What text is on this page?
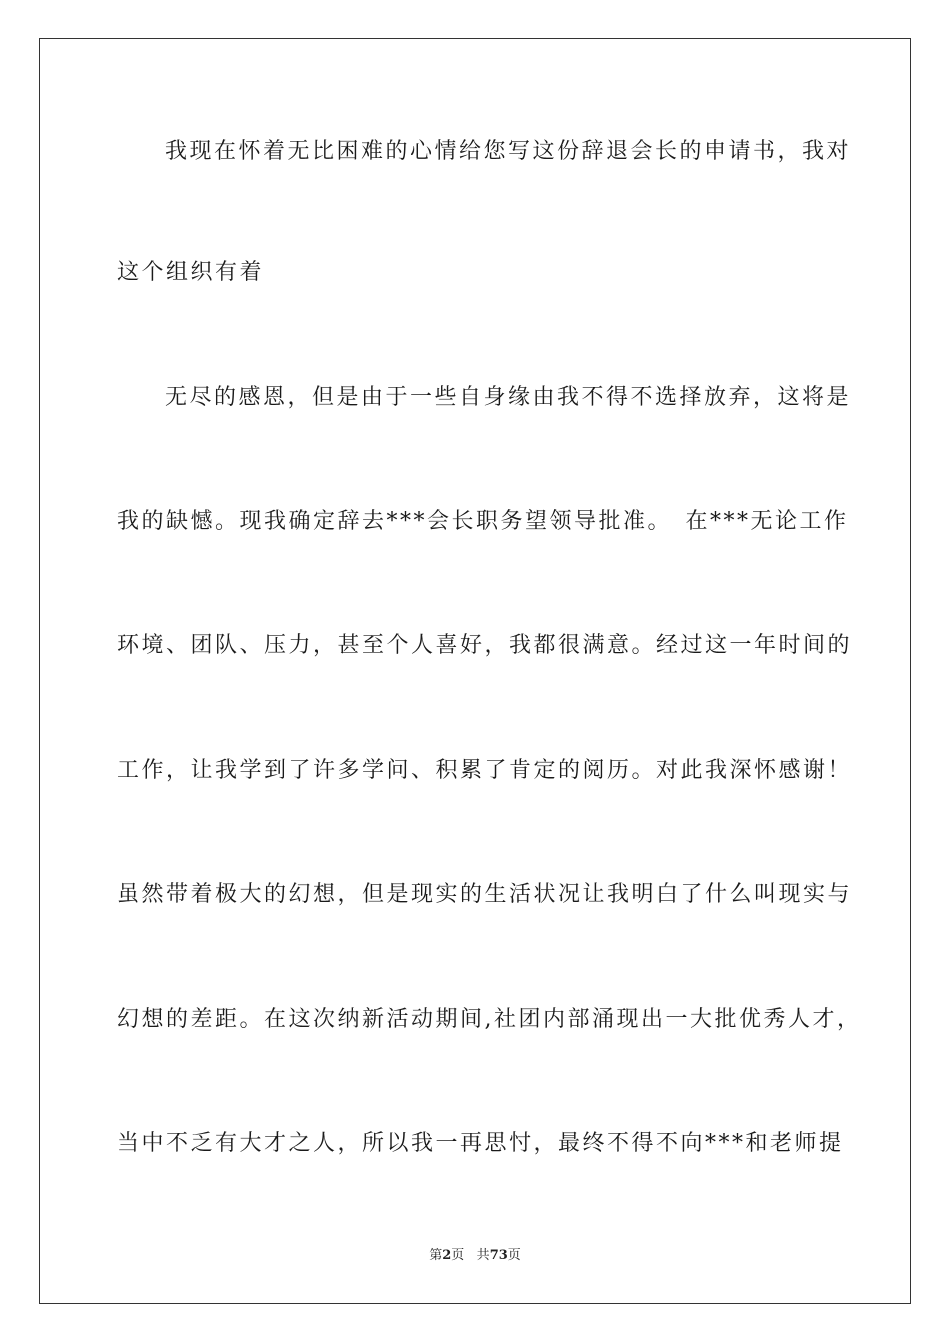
我现在怀着无比困难的心情给您写这份辞退会长的申请书，我对
这个组织有着
无尽的感恩，但是由于一些自身缘由我不得不选择放弃，这将是
我的缺憾。现我确定辞去***会长职务望领导批准。　在***无论工作
环境、团队、压力，甚至个人喜好，我都很满意。经过这一年时间的
工作，让我学到了许多学问、积累了肯定的阅历。对此我深怀感谢！
虽然带着极大的幻想，但是现实的生活状况让我明白了什么叫现实与
幻想的差距。在这次纳新活动期间,社团内部涌现出一大批优秀人才，
当中不乏有大才之人，所以我一再思忖，最终不得不向***和老师提
第2页 共73页
